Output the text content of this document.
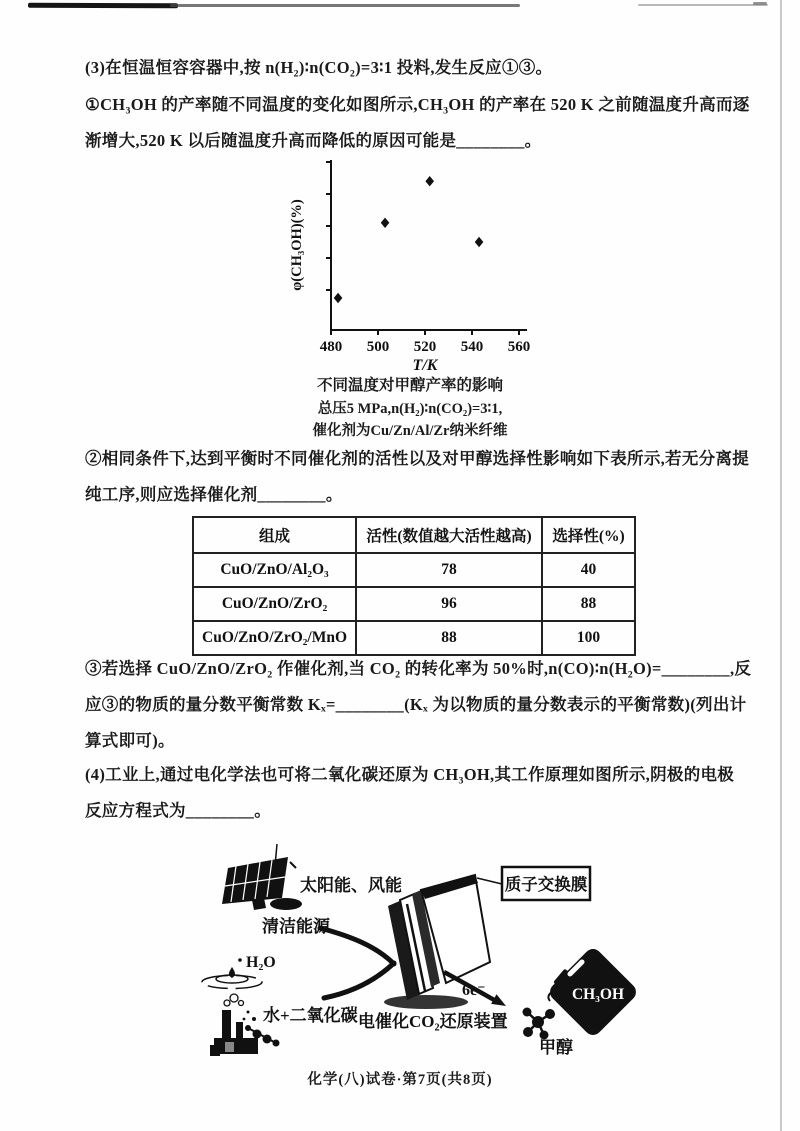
(3)在恒温恒容容器中,按 n(H₂)∶n(CO₂)=3∶1 投料,发生反应①③。
①CH₃OH 的产率随不同温度的变化如图所示,CH₃OH 的产率在 520 K 之前随温度升高而逐
渐增大,520 K 以后随温度升高而降低的原因可能是________。
480 500 520 540 560
T/K
φ(CH₃OH)(%)
不同温度对甲醇产率的影响
总压5 MPa,n(H₂)∶n(CO₂)=3∶1,
催化剂为Cu/Zn/Al/Zr纳米纤维
②相同条件下,达到平衡时不同催化剂的活性以及对甲醇选择性影响如下表所示,若无分离提
纯工序,则应选择催化剂________。
组成	活性(数值越大活性越高)	选择性(%)
CuO/ZnO/Al₂O₃	78	40
CuO/ZnO/ZrO₂	96	88
CuO/ZnO/ZrO₂/MnO	88	100
③若选择 CuO/ZnO/ZrO₂ 作催化剂,当 CO₂ 的转化率为 50%时,n(CO)∶n(H₂O)=________,反
应③的物质的量分数平衡常数 Kₓ=________(Kₓ 为以物质的量分数表示的平衡常数)(列出计
算式即可)。
(4)工业上,通过电化学法也可将二氧化碳还原为 CH₃OH,其工作原理如图所示,阴极的电极
反应方程式为________。
太阳能、风能
清洁能源
H₂O
水+二氧化碳
质子交换膜
6e⁻
电催化CO₂还原装置
CH₃OH
甲醇
化学(八)试卷·第7页(共8页)
